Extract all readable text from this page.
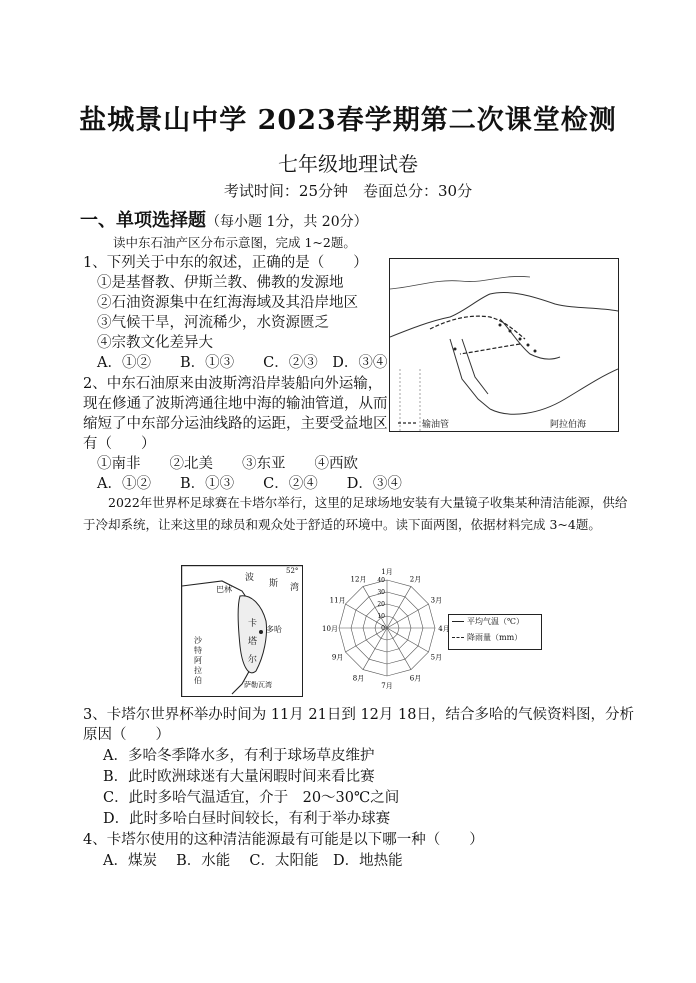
盐城景山中学 2023春学期第二次课堂检测
七年级地理试卷
考试时间：25分钟　卷面总分：30分
一、单项选择题（每小题 1分，共 20分）
读中东石油产区分布示意图，完成 1~2题。
1、下列关于中东的叙述，正确的是（　　）
①是基督教、伊斯兰教、佛教的发源地
②石油资源集中在红海海域及其沿岸地区
③气候干旱，河流稀少，水资源匮乏
④宗教文化差异大
A．①②　　B．①③　　C．②③　D．③④
2、中东石油原来由波斯湾沿岸装船向外运输，
现在修通了波斯湾通往地中海的输油管道，从而
缩短了中东部分运油线路的运距，主要受益地区
有（　　）
①南非　　②北美　　③东亚　　④西欧
A．①②　　B．①③　　C．②④　　D．③④
输油管	阿拉伯海
2022年世界杯足球赛在卡塔尔举行，这里的足球场地安装有大量镜子收集某种清洁能源，供给于冷却系统，让来这里的球员和观众处于舒适的环境中。读下面两图，依据材料完成 3~4题。
波
斯 湾
52°
卡
塔
尔
多哈
巴林
沙特阿拉伯	萨勒瓦湾
1月
2月
3月
4月
5月
6月
7月
8月
9月
10月
11月
12月
0
10
20
30
40
平均气温（℃）
降雨量（mm）
3、卡塔尔世界杯举办时间为 11月 21日到 12月 18日，结合多哈的气候资料图，分析
原因（　　）
A．多哈冬季降水多，有利于球场草皮维护
B．此时欧洲球迷有大量闲暇时间来看比赛
C．此时多哈气温适宜，介于　20～30℃之间
D．此时多哈白昼时间较长，有利于举办球赛
4、卡塔尔使用的这种清洁能源最有可能是以下哪一种（　　）
A．煤炭　 B．水能　 C．太阳能　D．地热能
